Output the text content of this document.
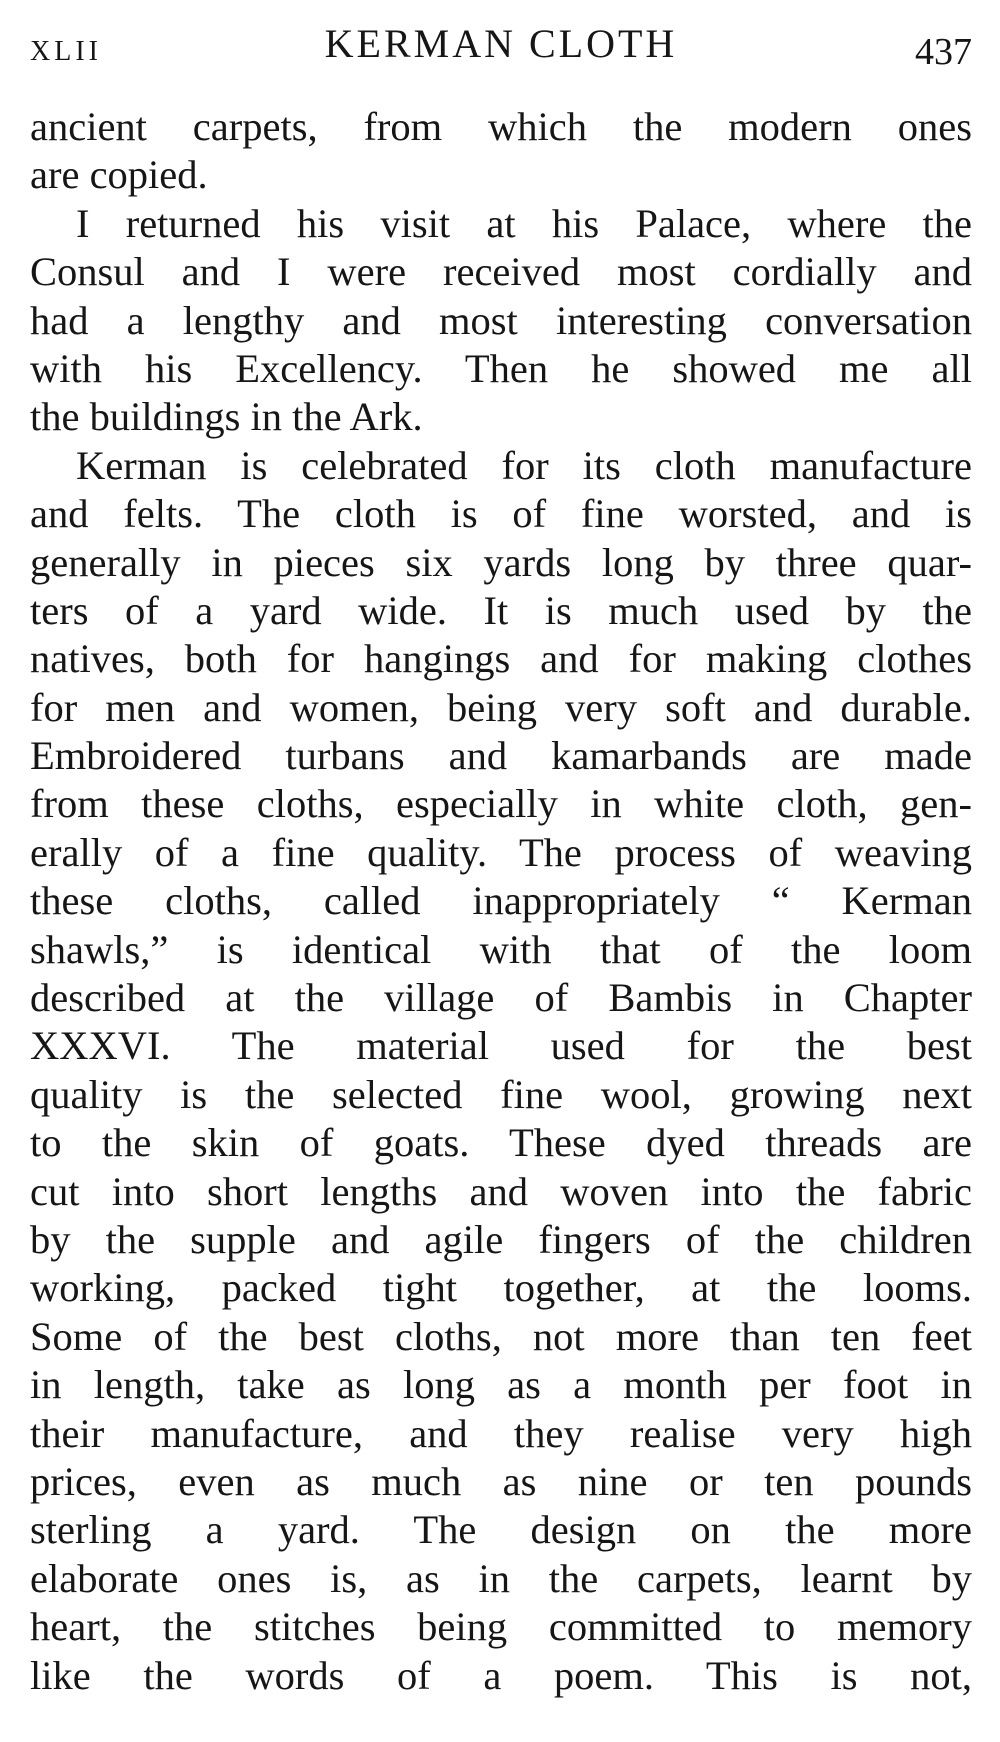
XLII	KERMAN CLOTH	437
ancient carpets, from which the modern ones
are copied.
I returned his visit at his Palace, where the
Consul and I were received most cordially and
had a lengthy and most interesting conversation
with his Excellency. Then he showed me all
the buildings in the Ark.
Kerman is celebrated for its cloth manufacture
and felts. The cloth is of fine worsted, and is
generally in pieces six yards long by three quar-
ters of a yard wide. It is much used by the
natives, both for hangings and for making clothes
for men and women, being very soft and durable.
Embroidered turbans and kamarbands are made
from these cloths, especially in white cloth, gen-
erally of a fine quality. The process of weaving
these cloths, called inappropriately “ Kerman
shawls,” is identical with that of the loom
described at the village of Bambis in Chapter
XXXVI. The material used for the best
quality is the selected fine wool, growing next
to the skin of goats. These dyed threads are
cut into short lengths and woven into the fabric
by the supple and agile fingers of the children
working, packed tight together, at the looms.
Some of the best cloths, not more than ten feet
in length, take as long as a month per foot in
their manufacture, and they realise very high
prices, even as much as nine or ten pounds
sterling a yard. The design on the more
elaborate ones is, as in the carpets, learnt by
heart, the stitches being committed to memory
like the words of a poem. This is not,
